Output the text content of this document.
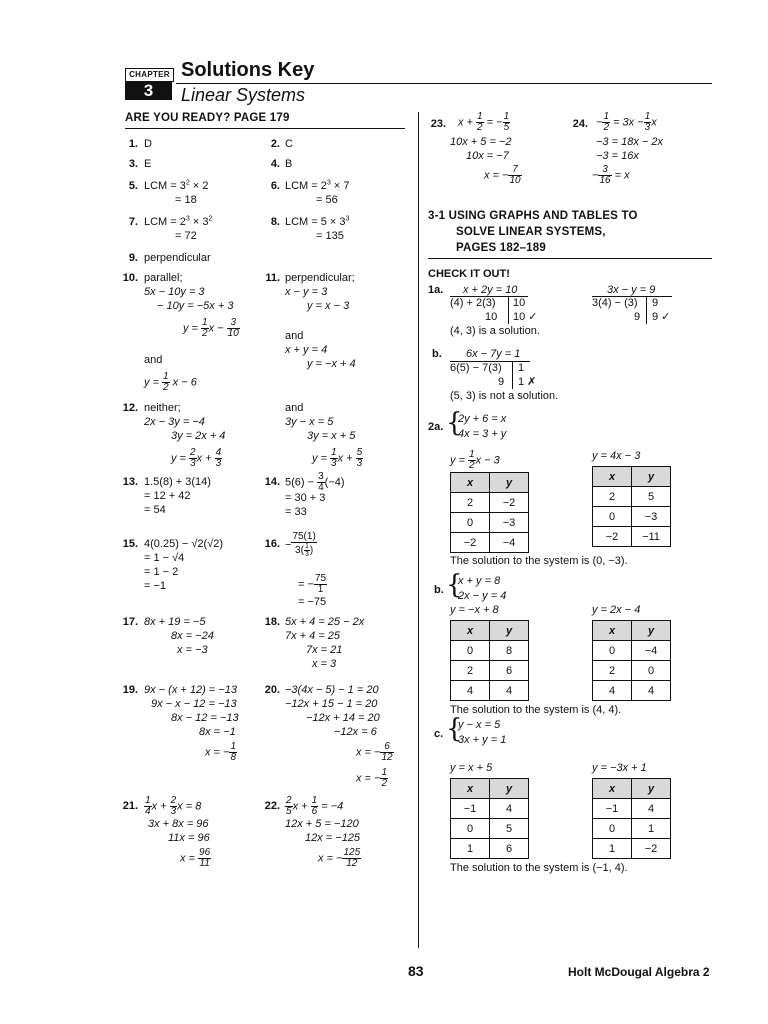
CHAPTER
3
Solutions Key
Linear Systems
ARE YOU READY? PAGE 179
1. D	2. C
3. E	4. B
5. LCM = $3^2 \times 2$
= 18
6. LCM = $2^3 \times 7$
= 56
7. LCM = $2^3 \times 3^2$
= 72
8. LCM = $5 \times 3^3$
= 135
9. perpendicular
10. parallel;
5x − 10y = 3
− 10y = −5x + 3
$y = \frac{1}{2}$ $x - \frac{3}{10}$
and
$y = \frac{1}{2}$ x − 6
11. perpendicular;
x − y = 3
y = x − 3
and
x + y = 4
y = −x + 4
12. neither;
2x − 3y = −4
3y = 2x + 4
$y = \frac{2}{3}$ $x + \frac{4}{3}$
and
3y − x = 5
3y = x + 5
$y = \frac{1}{3}$ $x + \frac{5}{3}$
13. 1.5(8) + 3(14)
= 12 + 42
= 54
14. $5(6) - \frac{3}{4} (-4)$
= 30 + 3
= 33
15. 4(0.25) − √2(√2)
= 1 − √4
= 1 − 2
= −1
16. − $\frac{75(1)}{3( \frac{1}{3} )}$
= − $\frac{75}{1}$
= −75
17. 8x + 19 = −5
8x = −24
x = −3
18. 5x + 4 = 25 − 2x
7x + 4 = 25
7x = 21
x = 3
19. 9x − (x + 12) = −13
9x − x − 12 = −13
8x − 12 = −13
8x = −1
x = − $\frac{1}{8}$
20. −3(4x − 5) − 1 = 20
−12x + 15 − 1 = 20
−12x + 14 = 20
−12x = 6
x = − $\frac{6}{12}$
x = − $\frac{1}{2}$
21. $\frac{1}{4}$ $x + \frac{2}{3}$ x = 8
3x + 8x = 96
11x = 96
$x = \frac{96}{11}$
22. $\frac{2}{5}$ $x + \frac{1}{6} = -4$
12x + 5 = −120
12x = −125
x = − $\frac{125}{12}$
23. $x + \frac{1}{2}$ = − $\frac{1}{5}$
10x + 5 = −2
10x = −7
x = − $\frac{7}{10}$
24. − $\frac{1}{2} = 3x - \frac{1}{3}$ x
−3 = 18x − 2x
−3 = 16x
− $\frac{3}{16} = x$
3-1 USING GRAPHS AND TABLES TO
SOLVE LINEAR SYSTEMS,
PAGES 182–189
CHECK IT OUT!
1a. x + 2y = 10
(4) + 2(3) 10
10 10 ✓
3x − y = 9
3(4) − (3) 9
9 9 ✓
(4, 3) is a solution.
b. 6x − 7y = 1
6(5) − 7(3) 1
9 1 ✗
(5, 3) is not a solution.
2a. {
2y + 6 = x
4x = 3 + y
$y = \frac{1}{2}$ x − 3	y = 4x − 3
x	y
2	−2
0	−3
−2	−4
x	y
2	5
0	−3
−2	−11
The solution to the system is (0, −3).
b. {
x + y = 8
2x − y = 4
y = −x + 8	y = 2x − 4
x	y
0	8
2	6
4	4
x	y
0	−4
2	0
4	4
The solution to the system is (4, 4).
c. {
y − x = 5
3x + y = 1
y = x + 5	y = −3x + 1
x	y
−1	4
0	5
1	6
x	y
−1	4
0	1
1	−2
The solution to the system is (−1, 4).
83	Holt McDougal Algebra 2
